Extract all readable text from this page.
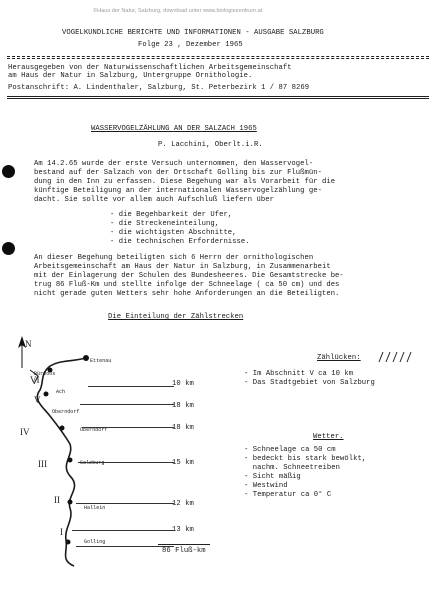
©Haus der Natur, Salzburg, download unter www.biologiezentrum.at
VOGELKUNDLICHE BERICHTE UND INFORMATIONEN - AUSGABE SALZBURG
Folge 23 , Dezember 1965
Herausgegeben von der Naturwissenschaftlichen Arbeitsgemeinschaft
am Haus der Natur in Salzburg, Untergruppe Ornithologie.
Postanschrift: A. Lindenthaler, Salzburg, St. Peterbezirk 1 / 87 8269
WASSERVOGELZÄHLUNG AN DER SALZACH 1965
P. Lacchini, Oberlt.i.R.
Am 14.2.65 wurde der erste Versuch unternommen, den Wasservogel-
bestand auf der Salzach von der Ortschaft Golling bis zur Flußmün-
dung in den Inn zu erfassen. Diese Begehung war als Vorarbeit für die
künftige Beteiligung an der internationalen Wasservogelzählung ge-
dacht. Sie sollte vor allem auch Aufschluß liefern über
- die Begehbarkeit der Ufer,
- die Streckeneinteilung,
- die wichtigsten Abschnitte,
- die technischen Erfordernisse.
An dieser Begehung beteiligten sich 6 Herrn der ornithologischen
Arbeitsgemeinschaft am Haus der Natur in Salzburg, in Zusammenarbeit
mit der Einlagerung der Schulen des Bundesheeres. Die Gesamtstrecke be-
trug 86 Fluß-Km und stellte infolge der Schneelage ( ca 50 cm) und des
nicht gerade guten Wetters sehr hohe Anforderungen an die Beteiligten.
Die Einteilung der Zählstrecken
N
Ettenau
Bürmoos
Ach
Oberndorf
Oberndorf
Salzburg
Hallein
Golling
VI
V
IV
III
II
I
10 km
18 km
18 km
15 km
12 km
13 km
86 Fluß-km
Zählücken:
- Im Abschnitt V ca 10 km
- Das Stadtgebiet von Salzburg
Wetter.
- Schneelage ca 50 cm
- bedeckt bis stark bewölkt,
nachm. Schneetreiben
- Sicht mäßig
- Westwind
- Temperatur ca 0° C
